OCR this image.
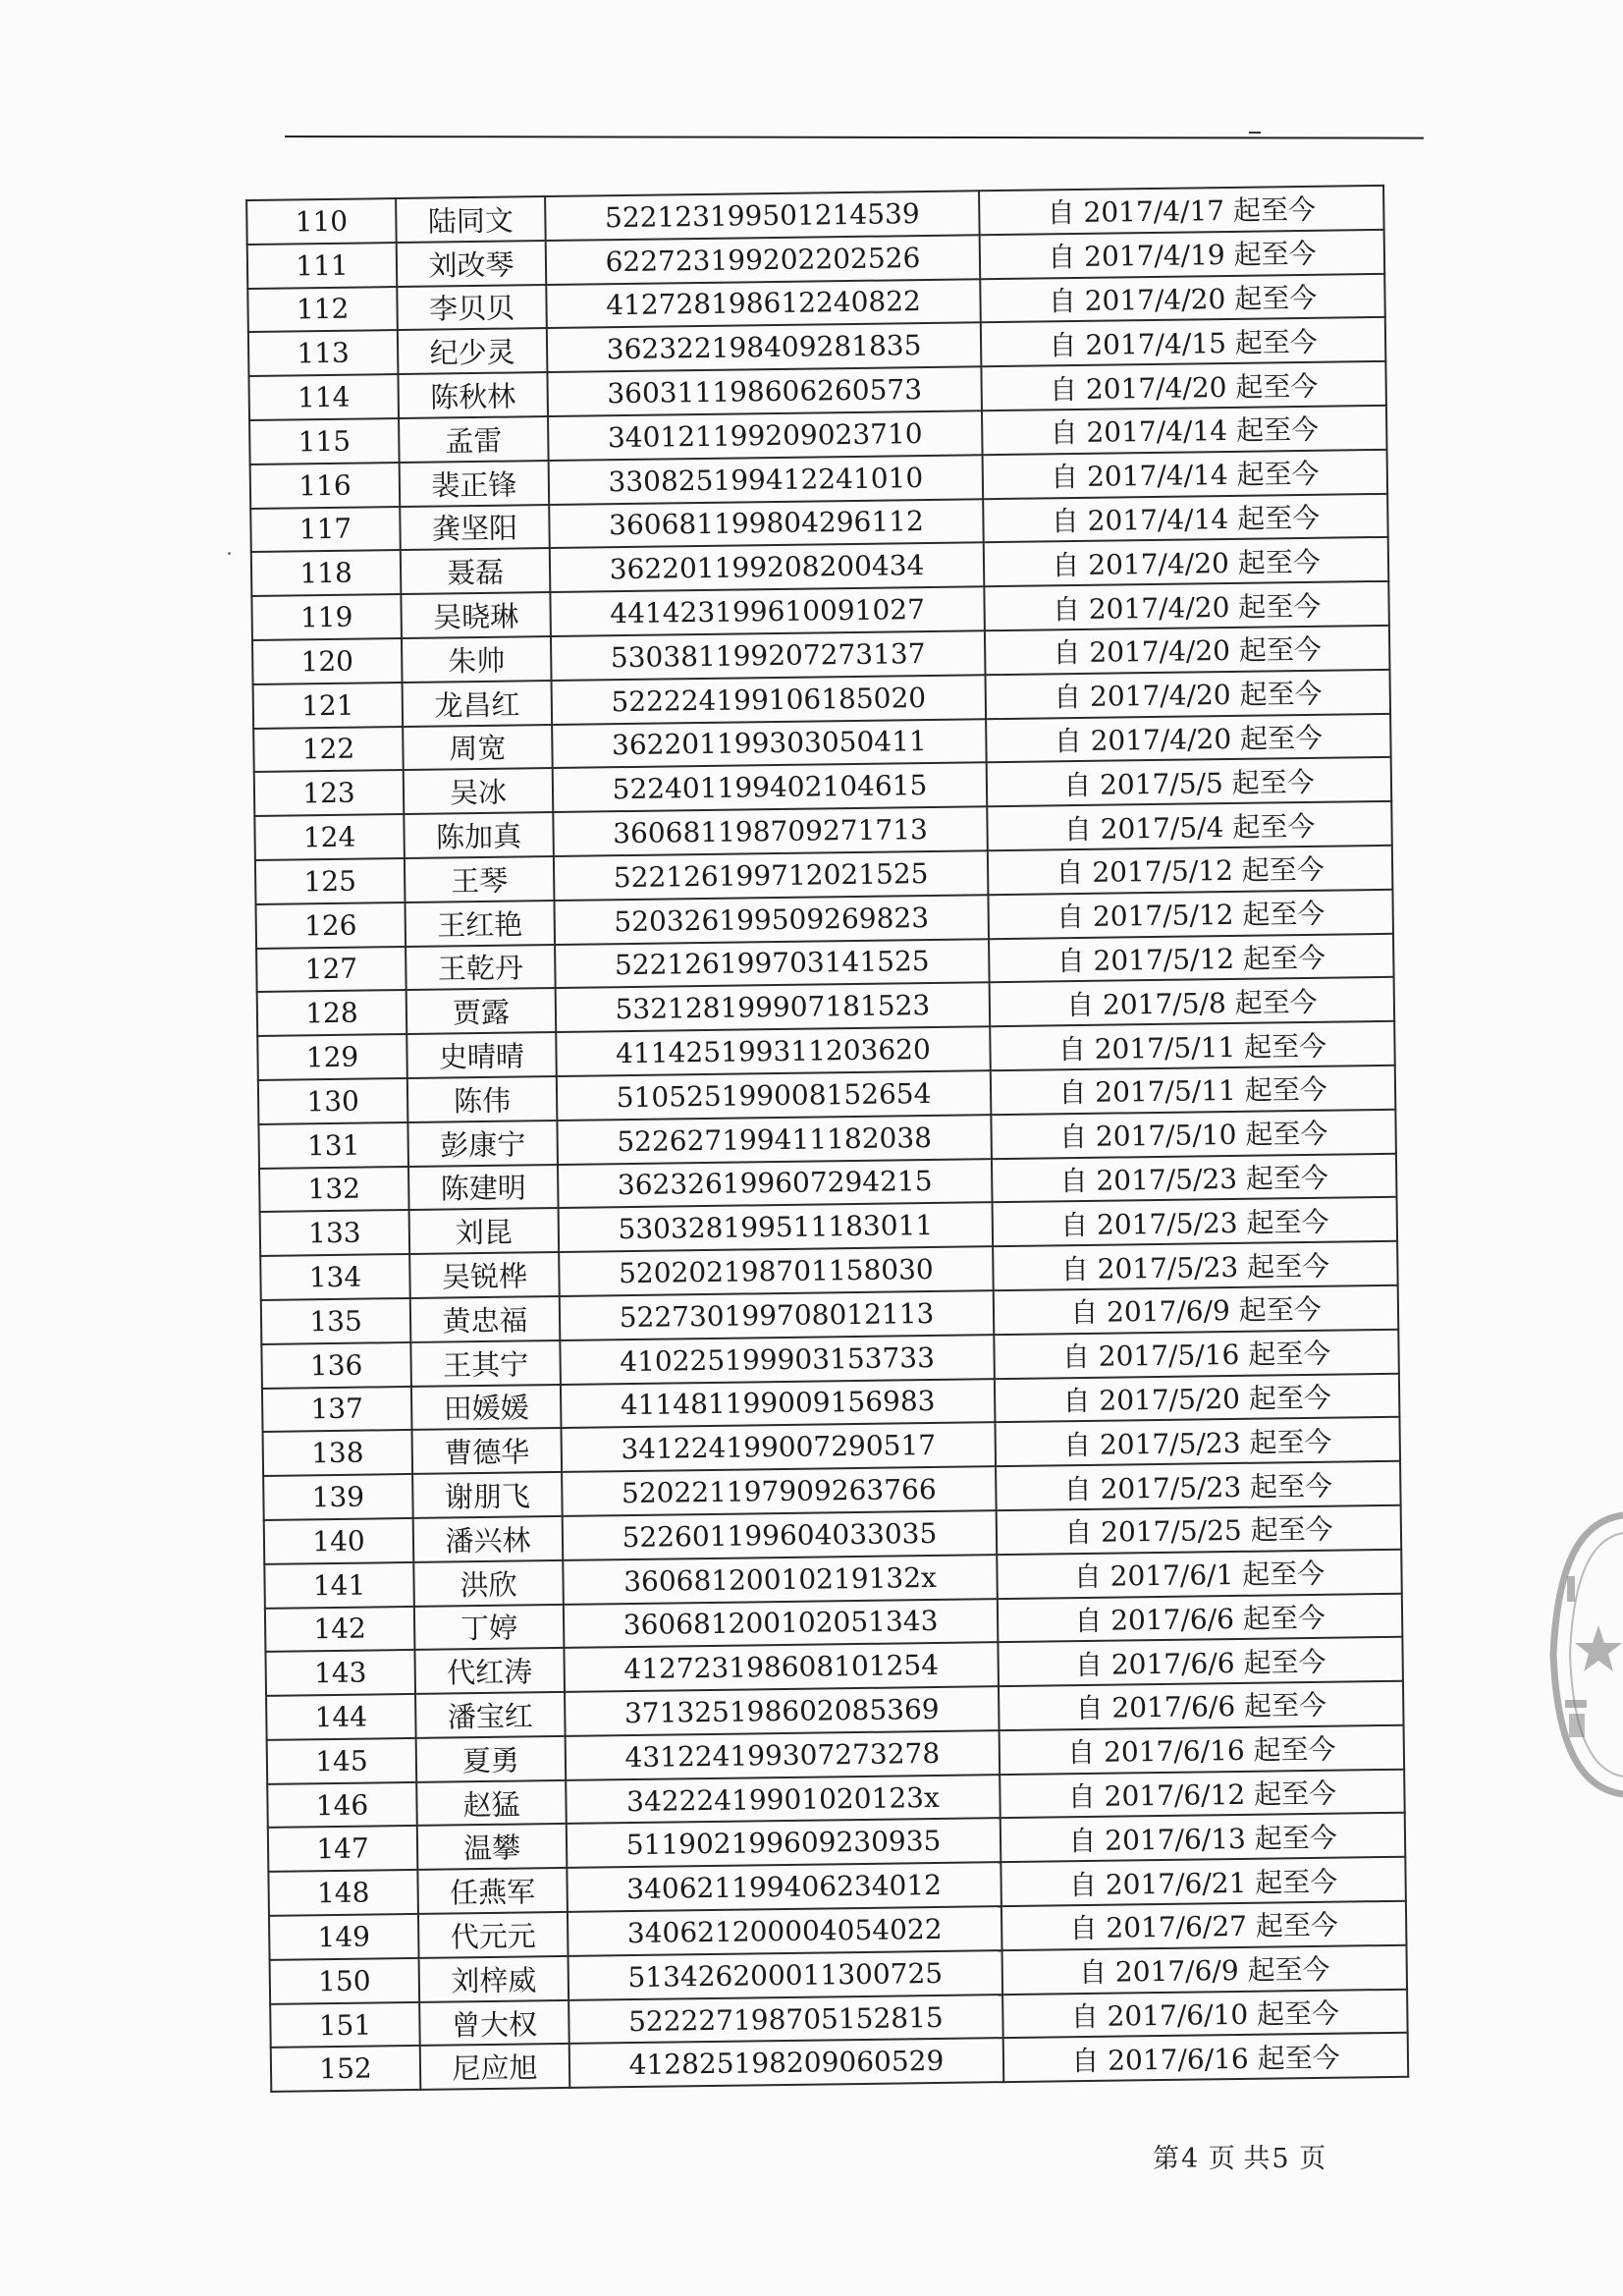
110	陆同文	522123199501214539	自 2017/4/17 起至今
111	刘改琴	622723199202202526	自 2017/4/19 起至今
112	李贝贝	412728198612240822	自 2017/4/20 起至今
113	纪少灵	362322198409281835	自 2017/4/15 起至今
114	陈秋林	360311198606260573	自 2017/4/20 起至今
115	孟雷	340121199209023710	自 2017/4/14 起至今
116	裴正锋	330825199412241010	自 2017/4/14 起至今
117	龚坚阳	360681199804296112	自 2017/4/14 起至今
118	聂磊	362201199208200434	自 2017/4/20 起至今
119	吴晓琳	441423199610091027	自 2017/4/20 起至今
120	朱帅	530381199207273137	自 2017/4/20 起至今
121	龙昌红	522224199106185020	自 2017/4/20 起至今
122	周宽	362201199303050411	自 2017/4/20 起至今
123	吴冰	522401199402104615	自 2017/5/5 起至今
124	陈加真	360681198709271713	自 2017/5/4 起至今
125	王琴	522126199712021525	自 2017/5/12 起至今
126	王红艳	520326199509269823	自 2017/5/12 起至今
127	王乾丹	522126199703141525	自 2017/5/12 起至今
128	贾露	532128199907181523	自 2017/5/8 起至今
129	史晴晴	411425199311203620	自 2017/5/11 起至今
130	陈伟	510525199008152654	自 2017/5/11 起至今
131	彭康宁	522627199411182038	自 2017/5/10 起至今
132	陈建明	362326199607294215	自 2017/5/23 起至今
133	刘昆	530328199511183011	自 2017/5/23 起至今
134	吴锐桦	520202198701158030	自 2017/5/23 起至今
135	黄忠福	522730199708012113	自 2017/6/9 起至今
136	王其宁	410225199903153733	自 2017/5/16 起至今
137	田媛媛	411481199009156983	自 2017/5/20 起至今
138	曹德华	341224199007290517	自 2017/5/23 起至今
139	谢朋飞	520221197909263766	自 2017/5/23 起至今
140	潘兴林	522601199604033035	自 2017/5/25 起至今
141	洪欣	36068120010219132x	自 2017/6/1 起至今
142	丁婷	360681200102051343	自 2017/6/6 起至今
143	代红涛	412723198608101254	自 2017/6/6 起至今
144	潘宝红	371325198602085369	自 2017/6/6 起至今
145	夏勇	431224199307273278	自 2017/6/16 起至今
146	赵猛	34222419901020123x	自 2017/6/12 起至今
147	温攀	511902199609230935	自 2017/6/13 起至今
148	任燕军	340621199406234012	自 2017/6/21 起至今
149	代元元	340621200004054022	自 2017/6/27 起至今
150	刘梓威	513426200011300725	自 2017/6/9 起至今
151	曾大权	522227198705152815	自 2017/6/10 起至今
152	尼应旭	412825198209060529	自 2017/6/16 起至今
第4 页 共5 页
